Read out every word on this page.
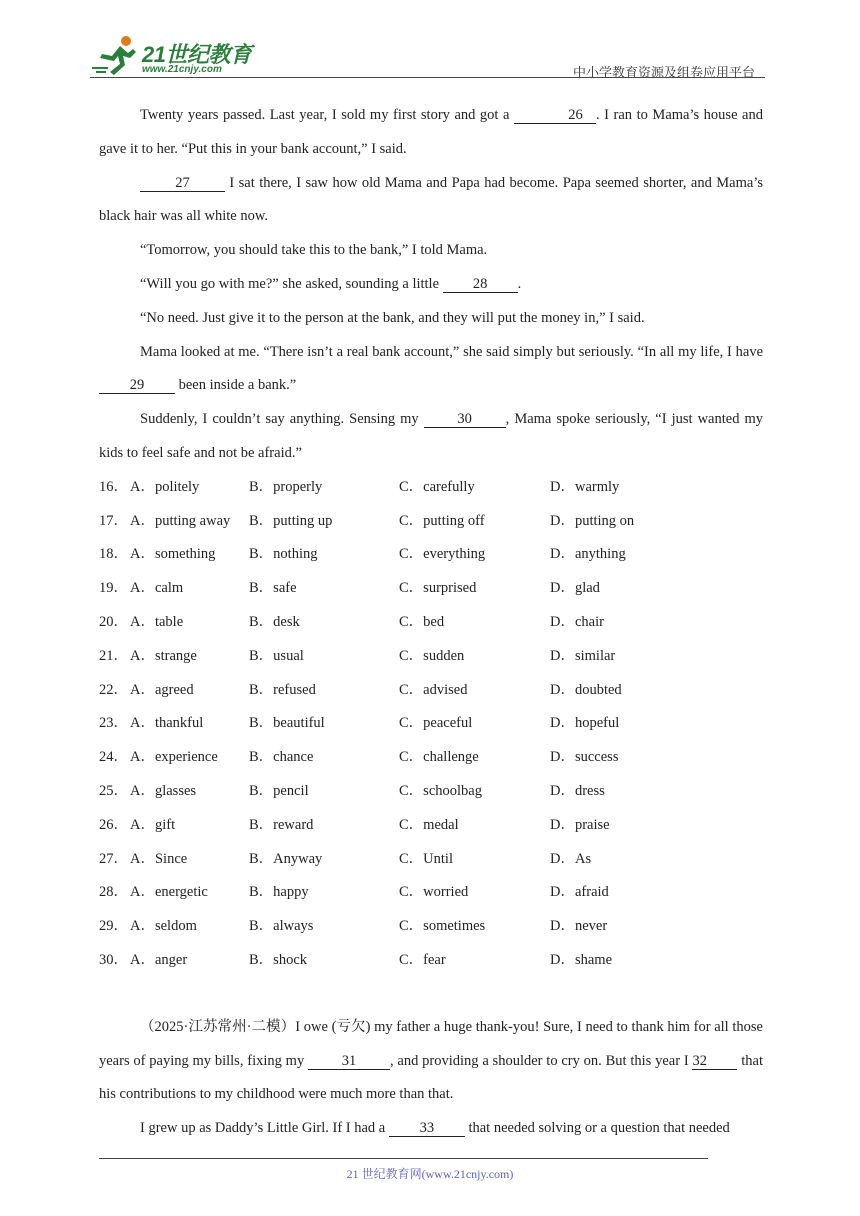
21世纪教育
www.21cnjy.com	中小学教育资源及组卷应用平台
Twenty years passed. Last year, I sold my first story and got a	26 . I ran to Mama’s house and gave it to her. “Put this in your bank account,” I said.
27 I sat there, I saw how old Mama and Papa had become. Papa seemed shorter, and Mama’s black hair was all white now.
“Tomorrow, you should take this to the bank,” I told Mama.
“Will you go with me?” she asked, sounding a little 28 .
“No need. Just give it to the person at the bank, and they will put the money in,” I said.
Mama looked at me. “There isn’t a real bank account,” she said simply but seriously. “In all my life, I have 29 been inside a bank.”
Suddenly, I couldn’t say anything. Sensing my 30 , Mama spoke seriously, “I just wanted my kids to feel safe and not be afraid.”
16． A．politely	B．properly	C．carefully	D．warmly
17． A．putting away B．putting up	C．putting off	D．putting on
18． A．something B．nothing	C．everything	D．anything
19． A．calm	B．safe	C．surprised	D．glad
20． A．table	B．desk	C．bed	D．chair
21． A．strange	B．usual	C．sudden	D．similar
22． A．agreed	B．refused	C．advised	D．doubted
23． A．thankful	B．beautiful	C．peaceful	D．hopeful
24． A．experience B．chance	C．challenge	D．success
25． A．glasses	B．pencil	C．schoolbag	D．dress
26． A．gift	B．reward	C．medal	D．praise
27． A．Since	B．Anyway	C．Until	D．As
28． A．energetic	B．happy	C．worried	D．afraid
29． A．seldom	B．always	C．sometimes	D．never
30． A．anger	B．shock	C．fear	D．shame
（2025·江苏常州·二模）I owe (亏欠) my father a huge thank-you! Sure, I need to thank him for all those years of paying my bills, fixing my 31 , and providing a shoulder to cry on. But this year I 32 that his contributions to my childhood were much more than that.
I grew up as Daddy’s Little Girl. If I had a 33 that needed solving or a question that needed
21 世纪教育网(www.21cnjy.com)
